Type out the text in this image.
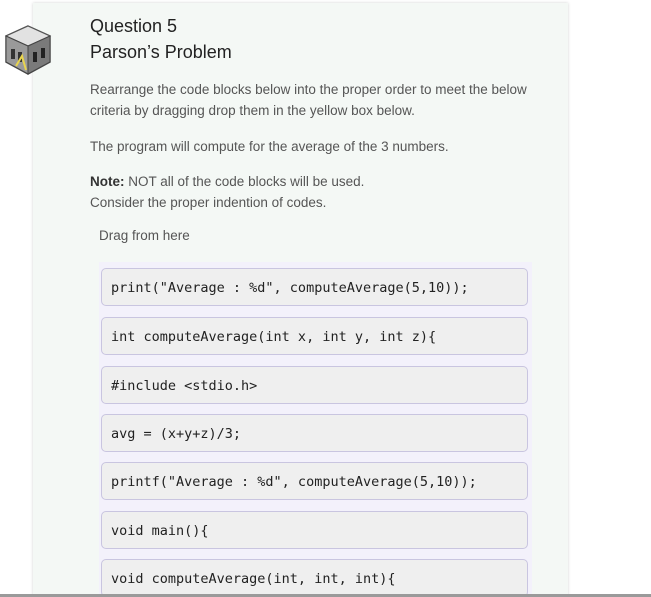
Question 5
Parson’s Problem
Rearrange the code blocks below into the proper order to meet the below criteria by dragging drop them in the yellow box below.
The program will compute for the average of the 3 numbers.
Note: NOT all of the code blocks will be used.
Consider the proper indention of codes.
Drag from here
print("Average : %d", computeAverage(5,10));
int computeAverage(int x, int y, int z){
#include <stdio.h>
avg = (x+y+z)/3;
printf("Average : %d", computeAverage(5,10));
void main(){
void computeAverage(int, int, int){
